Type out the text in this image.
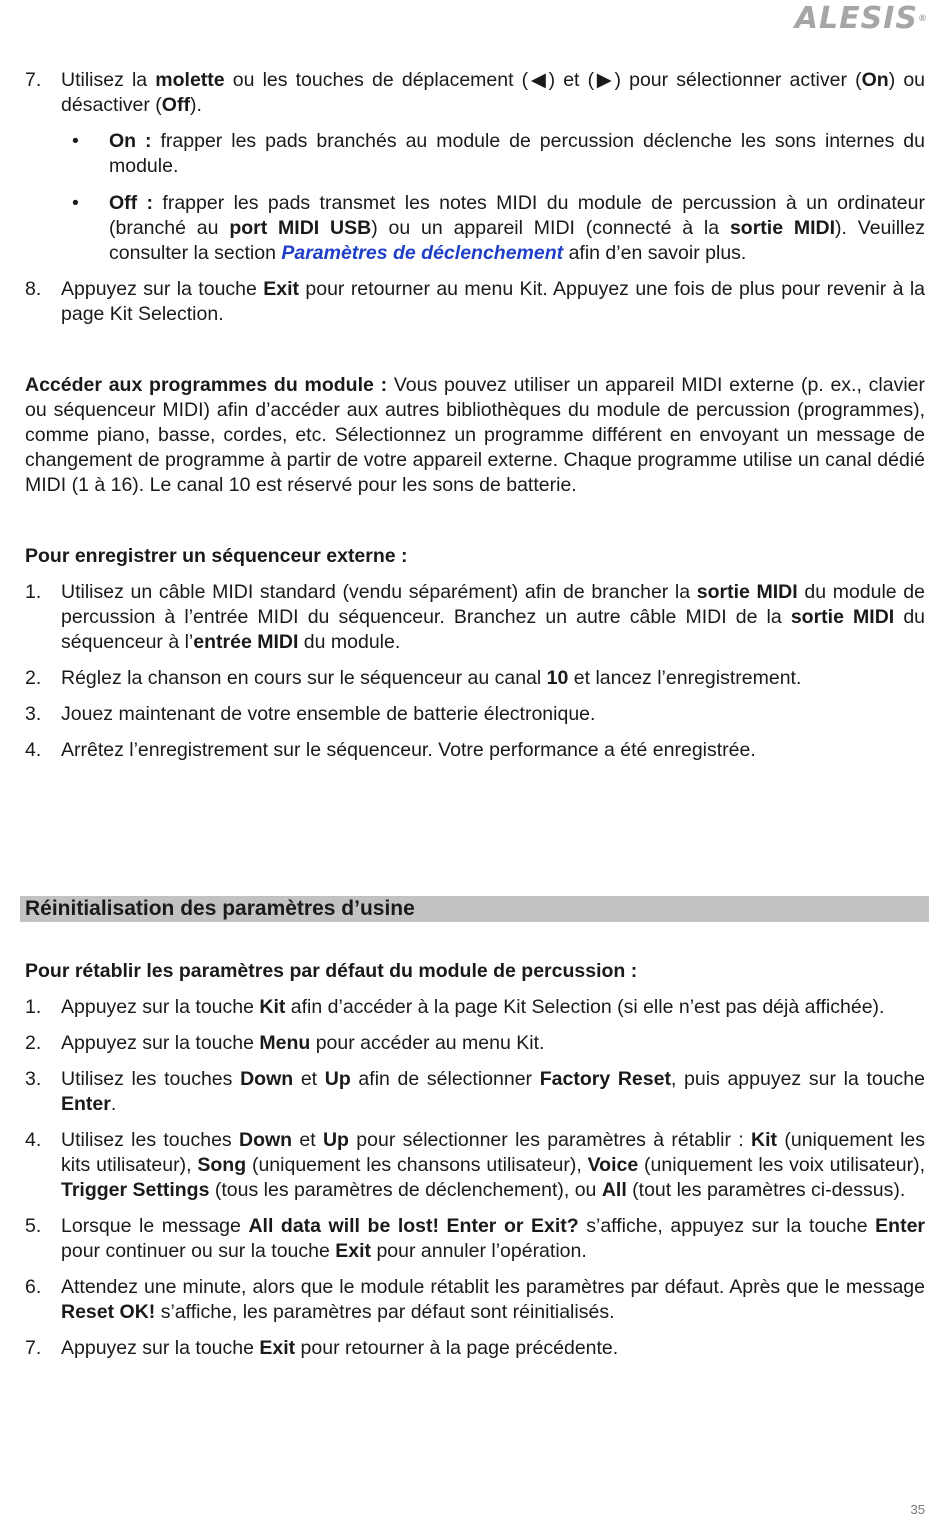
ALESIS®
7. Utilisez la molette ou les touches de déplacement (◀) et (▶) pour sélectionner activer (On) ou désactiver (Off).
• On : frapper les pads branchés au module de percussion déclenche les sons internes du module.
• Off : frapper les pads transmet les notes MIDI du module de percussion à un ordinateur (branché au port MIDI USB) ou un appareil MIDI (connecté à la sortie MIDI). Veuillez consulter la section Paramètres de déclenchement afin d’en savoir plus.
8. Appuyez sur la touche Exit pour retourner au menu Kit. Appuyez une fois de plus pour revenir à la page Kit Selection.

Accéder aux programmes du module : Vous pouvez utiliser un appareil MIDI externe (p. ex., clavier ou séquenceur MIDI) afin d’accéder aux autres bibliothèques du module de percussion (programmes), comme piano, basse, cordes, etc. Sélectionnez un programme différent en envoyant un message de changement de programme à partir de votre appareil externe. Chaque programme utilise un canal dédié MIDI (1 à 16). Le canal 10 est réservé pour les sons de batterie.

Pour enregistrer un séquenceur externe :

1. Utilisez un câble MIDI standard (vendu séparément) afin de brancher la sortie MIDI du module de percussion à l’entrée MIDI du séquenceur. Branchez un autre câble MIDI de la sortie MIDI du séquenceur à l’entrée MIDI du module.
2. Réglez la chanson en cours sur le séquenceur au canal 10 et lancez l’enregistrement.
3. Jouez maintenant de votre ensemble de batterie électronique.
4. Arrêtez l’enregistrement sur le séquenceur. Votre performance a été enregistrée.
Réinitialisation des paramètres d’usine

Pour rétablir les paramètres par défaut du module de percussion :

1. Appuyez sur la touche Kit afin d’accéder à la page Kit Selection (si elle n’est pas déjà affichée).
2. Appuyez sur la touche Menu pour accéder au menu Kit.
3. Utilisez les touches Down et Up afin de sélectionner Factory Reset, puis appuyez sur la touche Enter.
4. Utilisez les touches Down et Up pour sélectionner les paramètres à rétablir : Kit (uniquement les kits utilisateur), Song (uniquement les chansons utilisateur), Voice (uniquement les voix utilisateur), Trigger Settings (tous les paramètres de déclenchement), ou All (tout les paramètres ci-dessus).
5. Lorsque le message All data will be lost! Enter or Exit? s’affiche, appuyez sur la touche Enter pour continuer ou sur la touche Exit pour annuler l’opération.
6. Attendez une minute, alors que le module rétablit les paramètres par défaut. Après que le message Reset OK! s’affiche, les paramètres par défaut sont réinitialisés.
7. Appuyez sur la touche Exit pour retourner à la page précédente.
35
